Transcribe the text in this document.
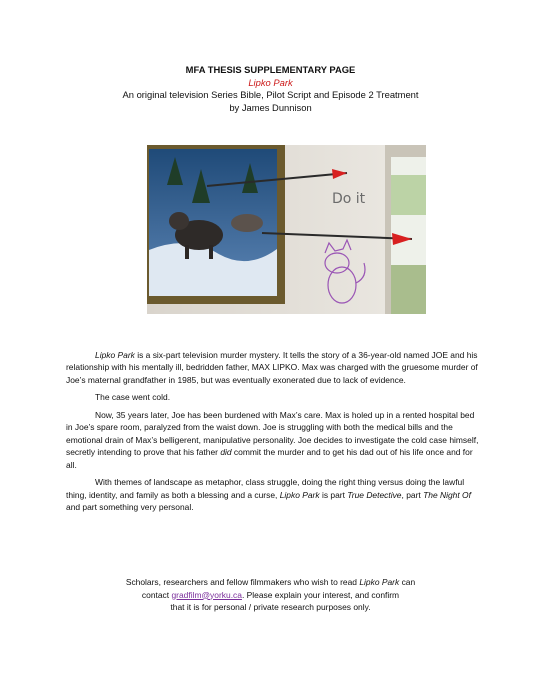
MFA THESIS SUPPLEMENTARY PAGE
Lipko Park
An original television Series Bible, Pilot Script and Episode 2 Treatment
by James Dunnison
Do it

Lipko Park is a six-part television murder mystery. It tells the story of a 36-year-old named JOE and his relationship with his mentally ill, bedridden father, MAX LIPKO. Max was charged with the gruesome murder of Joe’s maternal grandfather in 1985, but was eventually exonerated due to lack of evidence.

The case went cold.

Now, 35 years later, Joe has been burdened with Max’s care. Max is holed up in a rented hospital bed in Joe’s spare room, paralyzed from the waist down. Joe is struggling with both the medical bills and the emotional drain of Max’s belligerent, manipulative personality. Joe decides to investigate the cold case himself, secretly intending to prove that his father did commit the murder and to get his dad out of his life once and for all.

With themes of landscape as metaphor, class struggle, doing the right thing versus doing the lawful thing, identity, and family as both a blessing and a curse, Lipko Park is part True Detective, part The Night Of and part something very personal.

Scholars, researchers and fellow filmmakers who wish to read Lipko Park can
contact gradfilm@yorku.ca. Please explain your interest, and confirm
that it is for personal / private research purposes only.
